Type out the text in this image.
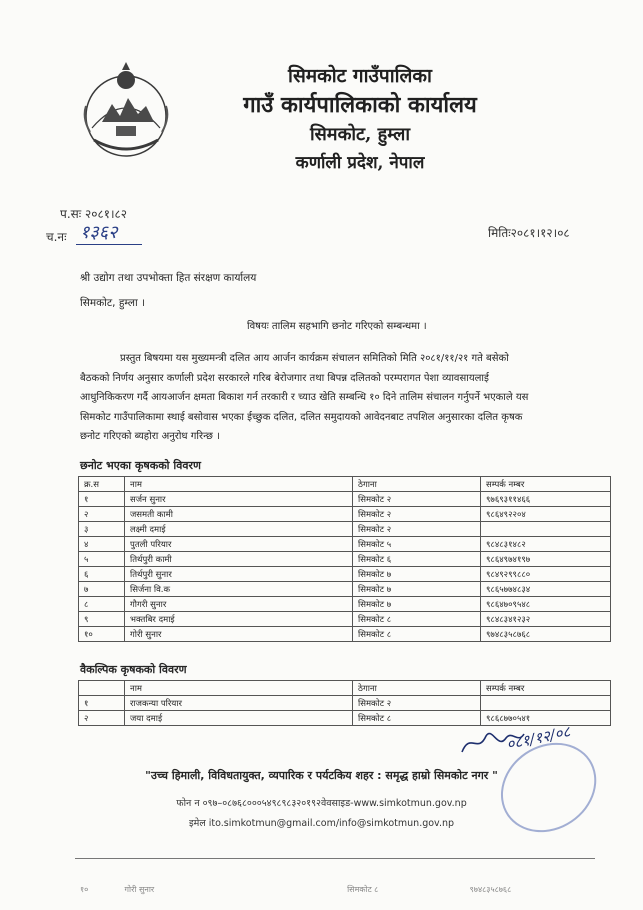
सिमकोट गाउँपालिका
गाउँ कार्यपालिकाको कार्यालय
सिमकोट, हुम्ला
कर्णाली प्रदेश, नेपाल
प.सः २०८१।८२
च.नः १३६२	मितिः२०८१।१२।०८
श्री उद्योग तथा उपभोक्ता हित संरक्षण कार्यालय
सिमकोट, हुम्ला ।
विषयः तालिम सहभागि छनोट गरिएको सम्बन्धमा ।
प्रस्तुत बिषयमा यस मुख्यमन्त्री दलित आय आर्जन कार्यक्रम संचालन समितिको मिति २०८१/११/२१ गते बसेको
बैठकको निर्णय अनुसार कर्णाली प्रदेश सरकारले गरिब बेरोजगार तथा बिपन्न दलितको परम्परागत पेशा व्यावसायलाई
आधुनिकिकरण गर्दै आयआर्जन क्षमता बिकाश गर्न तरकारी र च्याउ खेति सम्बन्धि १० दिने तालिम संचालन गर्नुपर्ने भएकाले यस
सिमकोट गाउँपालिकामा स्थाई बसोवास भएका ईच्छुक दलित, दलित समुदायको आवेदनबाट तपशिल अनुसारका दलित कृषक
छनोट गरिएको ब्यहोरा अनुरोध गरिन्छ ।
छनोट भएका कृषकको विवरण
क्र.स	नाम	ठेगाना	सम्पर्क नम्बर
१	सर्जन सुनार	सिमकोट २	९७६९३११४६६
२	जसमती कामी	सिमकोट २	९८६४९२२०४
३	लक्ष्मी दमाई	सिमकोट २	
४	पुतली परियार	सिमकोट ५	९८४८३१४८२
५	तिर्थपुरी कामी	सिमकोट ६	९८६४९७४१९७
६	तिर्थपुरी सुनार	सिमकोट ७	९८४९२९९८८०
७	सिर्जना वि.क	सिमकोट ७	९८६५७७४८३४
८	गौगरी सुनार	सिमकोट ७	९८६४७०९५४८
९	भक्तबिर दमाई	सिमकोट ८	९८४८३४१२३२
१०	गोरी सुनार	सिमकोट ८	९७४८३५८७६८
वैकल्पिक कृषकको विवरण
	नाम	ठेगाना	सम्पर्क नम्बर
१	राजकन्या परियार	सिमकोट २	
२	जया दमाई	सिमकोट ८	९८६८७७०५४१
०८१/१२/०८
"उच्च हिमाली, विविधतायुक्त, व्यपारिक र पर्यटकिय शहर : समृद्ध हाम्रो सिमकोट नगर "
फोन न ०९७–०८७६८०००५४९८९८३२०१९२वेवसाइड-www.simkotmun.gov.np
इमेल ito.simkotmun@gmail.com/info@simkotmun.gov.np
१०	गोरी सुनार	सिमकोट ८	९७४८३५८७६८
